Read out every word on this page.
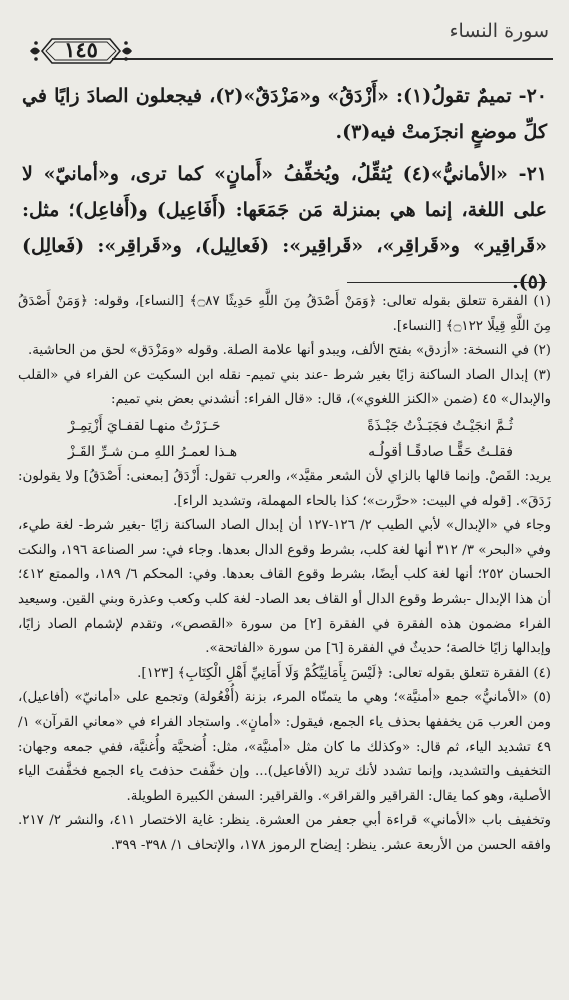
سورة النساء
١٤٥

٢٠- تميمٌ تقولُ(١): «أَزْدَقُ» و«مَزْدَقٌ»(٢)، فيجعلون الصادَ زايًا في كلِّ موضعٍ انجزَمتْ فيه(٣).

٢١- «الأمانيُّ»(٤) يُثقِّلُ، ويُخفِّفُ «أَمانٍ» كما ترى، و«أمانيّ» لا على اللغة، إنما هي بمنزلة مَن جَمَعَها: (أَفَاعِيل) و(أَفاعِل)؛ مثل: «قَراقِير» و«قَراقِر»، «قَراقِير»: (فَعالِيل)، و«قَراقِر»: (فَعالِل)(٥).

(١) الفقرة تتعلق بقوله تعالى: ﴿وَمَنْ أَصْدَقُ مِنَ اللَّهِ حَدِيثًا ۝٨٧﴾ [النساء]، وقوله: ﴿وَمَنْ أَصْدَقُ مِنَ اللَّهِ قِيلًا ۝١٢٢﴾ [النساء].

(٢) في النسخة: «أزدق» بفتح الألف، ويبدو أنها علامة الصلة. وقوله «ومَزْدَق» لحق من الحاشية.

(٣) إبدال الصاد الساكنة زايًا بغير شرط -عند بني تميم- نقله ابن السكيت عن الفراء في «القلب والإبدال» ٤٥ (ضمن «الكنز اللغوي»)، قال: «قال الفراء: أنشدني بعض بني تميم:

ثُـمَّ انجَيْـتُ فجَبَـذْتُ جَبْـذَةً
حَـزَرْتُ منهـا لقفـايَ أَزْتِمِـرْ
فقلـتُ حَقًّـا صادقًـا أقولُـه
هـذا لعمـرُ اللهِ مـن شـرِّ القَـزْ

يريد: القَصْ. وإنما قالها بالزاي لأن الشعر مقيَّد»، والعرب تقول: أَزْدَقُ [بمعنى: أَصْدَقُ] ولا يقولون: زَدَقَ». [قوله في البيت: «حرَّرت»؛ كذا بالحاء المهملة، وتشديد الراء].

وجاء في «الإبدال» لأبي الطيب ٢/ ١٢٦-١٢٧ أن إبدال الصاد الساكنة زايًا -بغير شرط- لغة طيء، وفي «البحر» ٣/ ٣١٢ أنها لغة كلب، بشرط وقوع الدال بعدها. وجاء في: سر الصناعة ١٩٦، والنكت الحسان ٢٥٢؛ أنها لغة كلب أيضًا، بشرط وقوع القاف بعدها. وفي: المحكم ٦/ ١٨٩، والممتع ٤١٢؛ أن هذا الإبدال -بشرط وقوع الدال أو القاف بعد الصاد- لغة كلب وكعب وعذرة وبني القين. وسيعيد الفراء مضمون هذه الفقرة في الفقرة [٢] من سورة «القصص»، وتقدم لإشمام الصاد زايًا، وإبدالها زايًا خالصة؛ حديثٌ في الفقرة [٦] من سورة «الفاتحة».

(٤) الفقرة تتعلق بقوله تعالى: ﴿لَيْسَ بِأَمَانِيِّكُمْ وَلَا أَمَانِيِّ أَهْلِ الْكِتَابِ﴾ [١٢٣].

(٥) «الأمانيُّ» جمع «أمنيَّة»؛ وهي ما يتمنّاه المرء، بزنة (أُفْعُولة) وتجمع على «أمانيّ» (أفاعيل)، ومن العرب مَن يخففها بحذف ياء الجمع، فيقول: «أمانٍ». واستجاد الفراء في «معاني القرآن» ١/ ٤٩ تشديد الياء، ثم قال: «وكذلك ما كان مثل «أمنيَّة»، مثل: أُضحيَّة وأُغنيَّة، ففي جمعه وجهان: التخفيف والتشديد، وإنما تشدد لأنك تريد (الأفاعيل)... وإن خفَّفتَ حذفتَ ياء الجمع فخفَّفتَ الياء الأصلية، وهو كما يقال: القراقير والقراقر». والقراقير: السفن الكبيرة الطويلة.

وتخفيف باب «الأماني» قراءة أبي جعفر من العشرة. ينظر: غاية الاختصار ٤١١، والنشر ٢/ ٢١٧. وافقه الحسن من الأربعة عشر. ينظر: إيضاح الرموز ١٧٨، والإتحاف ١/ ٣٩٨- ٣٩٩.
